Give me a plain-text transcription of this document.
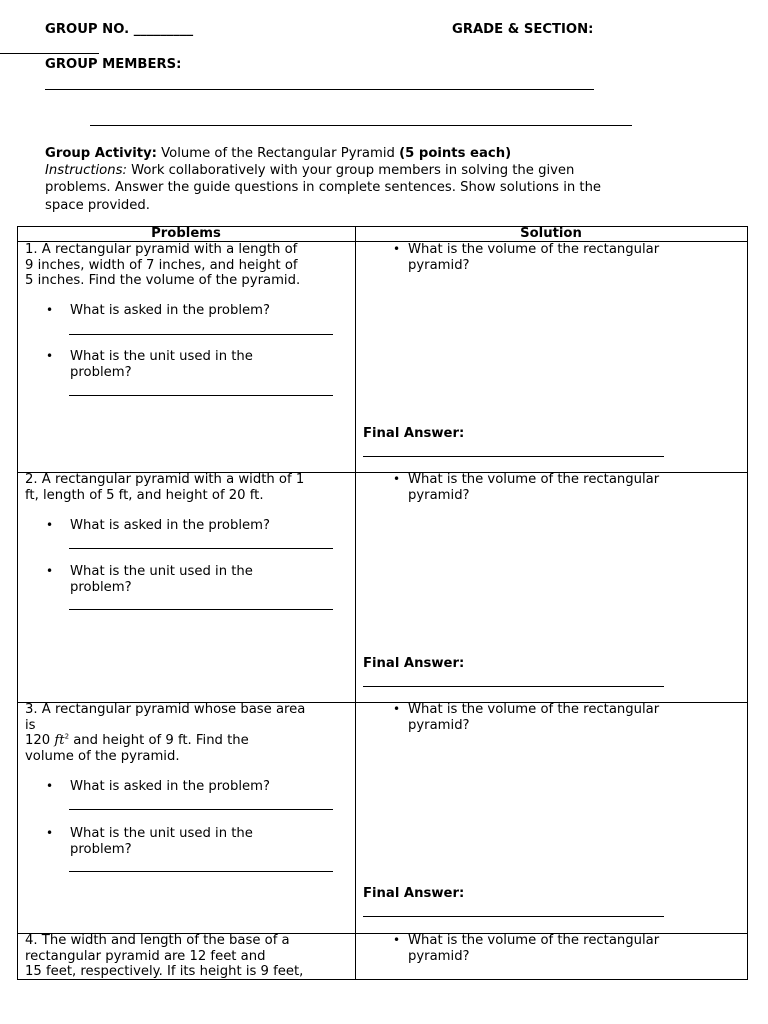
GROUP NO. _________	GRADE & SECTION:
GROUP MEMBERS:
Group Activity: Volume of the Rectangular Pyramid (5 points each)
Instructions: Work collaboratively with your group members in solving the given
problems. Answer the guide questions in complete sentences. Show solutions in the
space provided.
Problems	Solution
1. A rectangular pyramid with a length of
9 inches, width of 7 inches, and height of
5 inches. Find the volume of the pyramid.
• What is asked in the problem?
• What is the unit used in the
problem?
• What is the volume of the rectangular
pyramid?
Final Answer:
2. A rectangular pyramid with a width of 1
ft, length of 5 ft, and height of 20 ft.
• What is asked in the problem?
• What is the unit used in the
problem?
• What is the volume of the rectangular
pyramid?
Final Answer:
3. A rectangular pyramid whose base area
is
120 $ft^2$ and height of 9 ft. Find the
volume of the pyramid.
• What is asked in the problem?
• What is the unit used in the
problem?
• What is the volume of the rectangular
pyramid?
Final Answer:
4. The width and length of the base of a
rectangular pyramid are 12 feet and
15 feet, respectively. If its height is 9 feet,
• What is the volume of the rectangular
pyramid?
